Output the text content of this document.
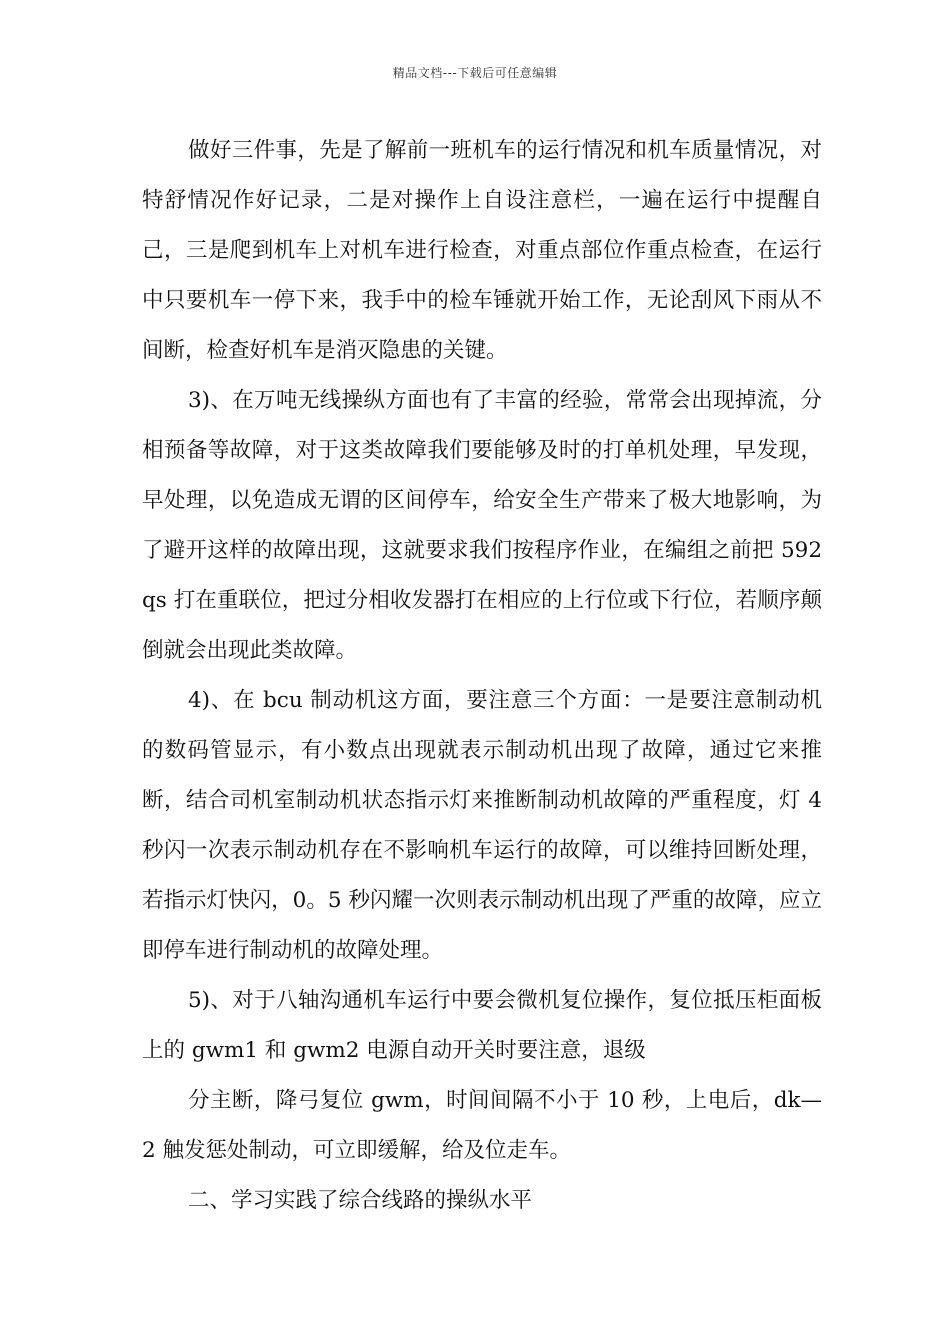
精品文档---下载后可任意编辑

做好三件事，先是了解前一班机车的运行情况和机车质量情况，对特舒情况作好记录，二是对操作上自设注意栏，一遍在运行中提醒自己，三是爬到机车上对机车进行检查，对重点部位作重点检查，在运行中只要机车一停下来，我手中的检车锤就开始工作，无论刮风下雨从不间断，检查好机车是消灭隐患的关键。

3)、在万吨无线操纵方面也有了丰富的经验，常常会出现掉流，分相预备等故障，对于这类故障我们要能够及时的打单机处理，早发现，早处理，以免造成无谓的区间停车，给安全生产带来了极大地影响，为了避开这样的故障出现，这就要求我们按程序作业，在编组之前把 592qs 打在重联位，把过分相收发器打在相应的上行位或下行位，若顺序颠倒就会出现此类故障。

4)、在 bcu 制动机这方面，要注意三个方面：一是要注意制动机的数码管显示，有小数点出现就表示制动机出现了故障，通过它来推断，结合司机室制动机状态指示灯来推断制动机故障的严重程度，灯 4 秒闪一次表示制动机存在不影响机车运行的故障，可以维持回断处理，若指示灯快闪，0。5 秒闪耀一次则表示制动机出现了严重的故障，应立即停车进行制动机的故障处理。

5)、对于八轴沟通机车运行中要会微机复位操作，复位抵压柜面板上的 gwm1 和 gwm2 电源自动开关时要注意，退级

分主断，降弓复位 gwm，时间间隔不小于 10 秒，上电后，dk—2 触发惩处制动，可立即缓解，给及位走车。

二、学习实践了综合线路的操纵水平
